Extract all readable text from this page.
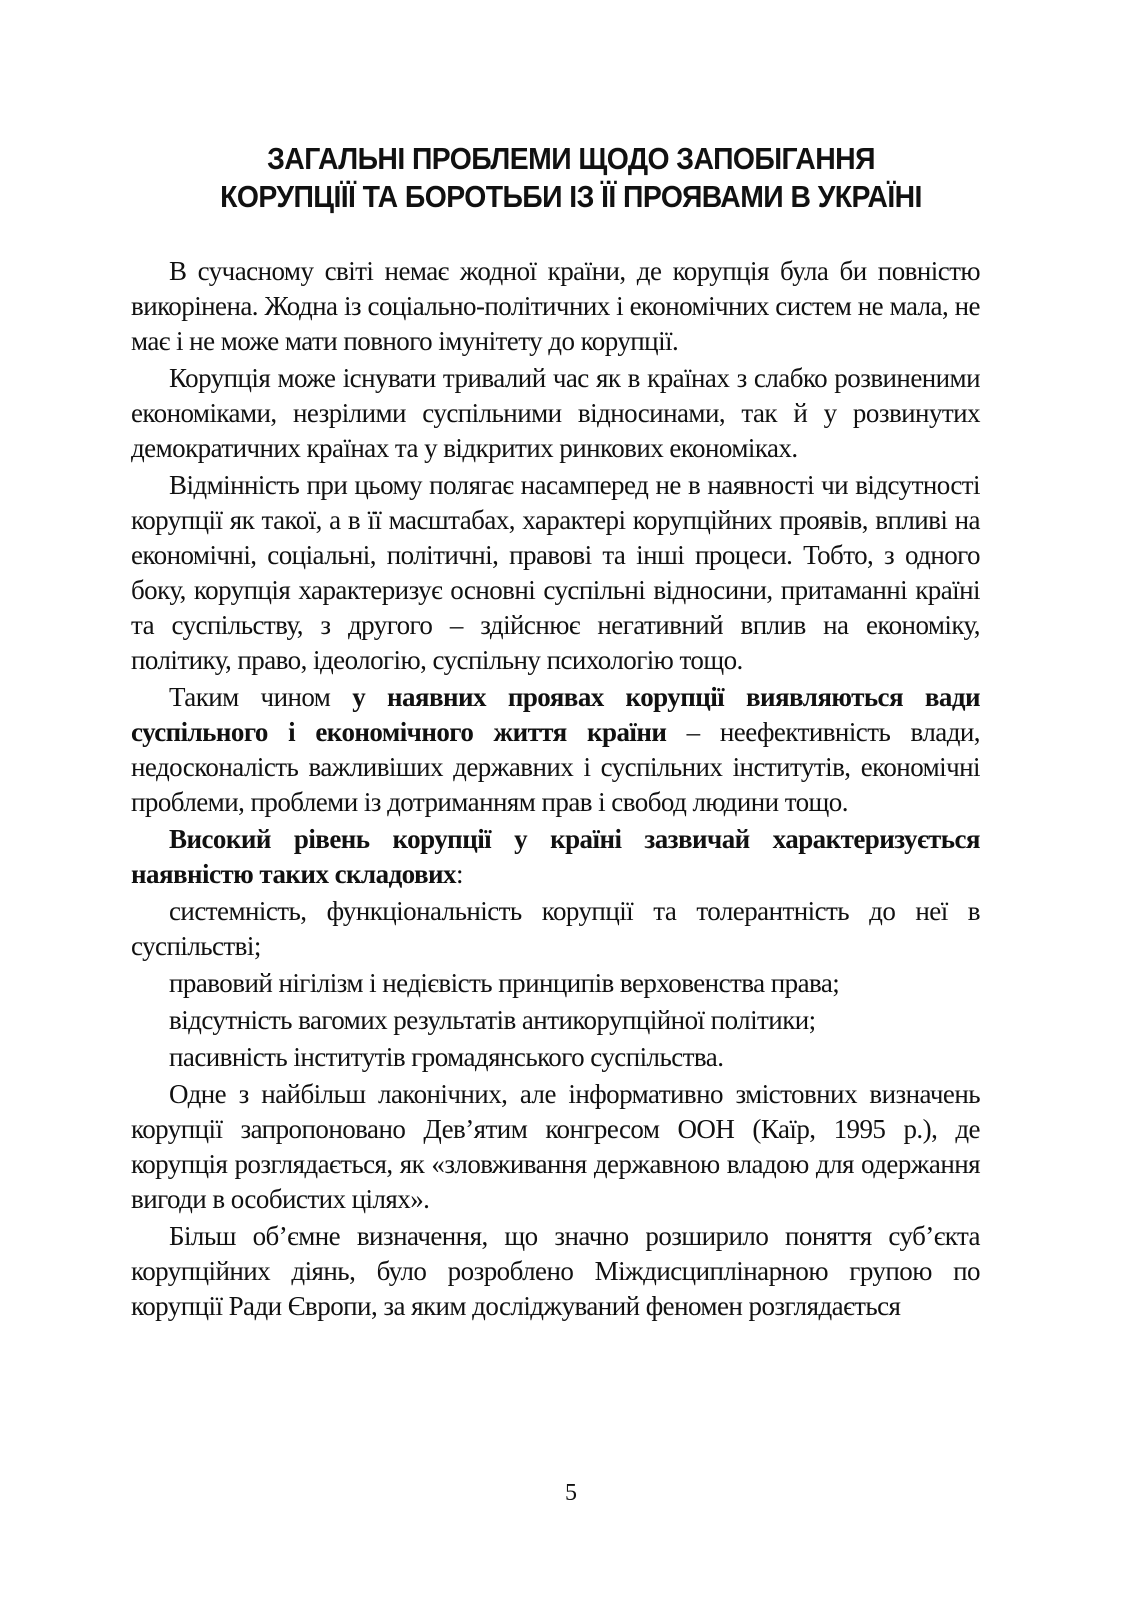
ЗАГАЛЬНІ ПРОБЛЕМИ ЩОДО ЗАПОБІГАННЯ
КОРУПЦІЇЇ ТА БОРОТЬБИ ІЗ ЇЇ ПРОЯВАМИ В УКРАЇНІ

В сучасному світі немає жодної країни, де корупція була би повністю викорінена. Жодна із соціально-політичних і економічних систем не мала, не має і не може мати повного імунітету до корупції.

Корупція може існувати тривалий час як в країнах з слабко розвиненими економіками, незрілими суспільними відносинами, так й у розвинутих демократичних країнах та у відкритих ринкових економіках.

Відмінність при цьому полягає насамперед не в наявності чи відсутності корупції як такої, а в її масштабах, характері корупційних проявів, впливі на економічні, соціальні, політичні, правові та інші процеси. Тобто, з одного боку, корупція характеризує основні суспільні відносини, притаманні країні та суспільству, з другого – здійснює негативний вплив на економіку, політику, право, ідеологію, суспільну психологію тощо.

Таким чином у наявних проявах корупції виявляються вади суспільного і економічного життя країни – неефективність влади, недосконалість важливіших державних і суспільних інститутів, економічні проблеми, проблеми із дотриманням прав і свобод людини тощо.

Високий рівень корупції у країні зазвичай характеризується наявністю таких складових:

системність, функціональність корупції та толерантність до неї в суспільстві;

правовий нігілізм і недієвість принципів верховенства права;

відсутність вагомих результатів антикорупційної політики;

пасивність інститутів громадянського суспільства.

Одне з найбільш лаконічних, але інформативно змістовних визначень корупції запропоновано Дев’ятим конгресом ООН (Каїр, 1995 р.), де корупція розглядається, як «зловживання державною владою для одержання вигоди в особистих цілях».

Більш об’ємне визначення, що значно розширило поняття суб’єкта корупційних діянь, було розроблено Міждисциплінарною групою по корупції Ради Європи, за яким досліджуваний феномен розглядається

5
